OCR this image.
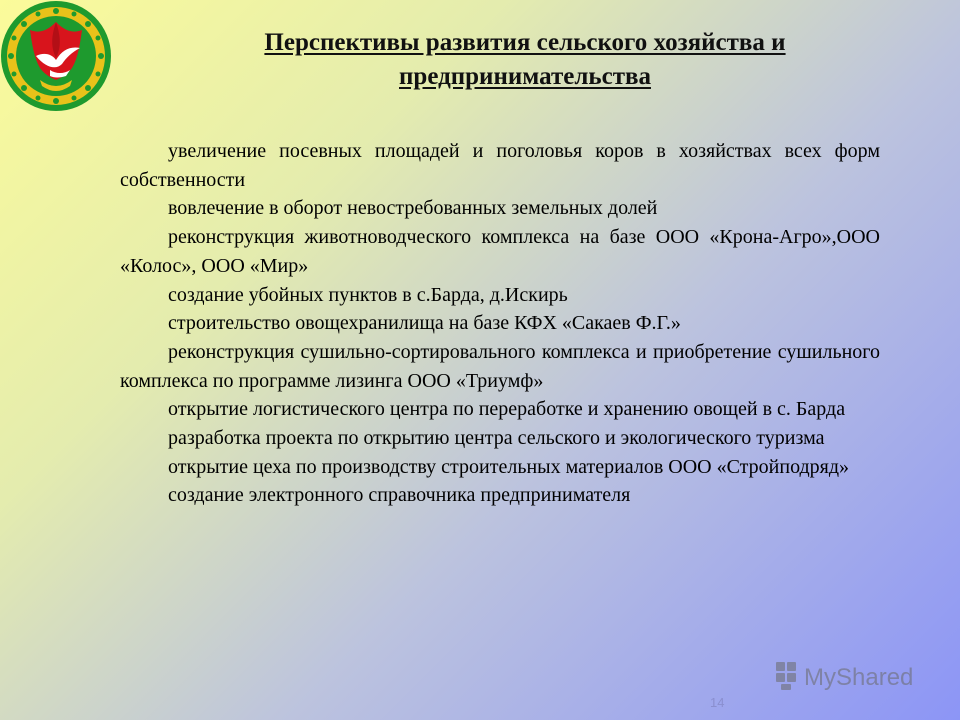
Перспективы развития сельского хозяйства и
предпринимательства

увеличение посевных площадей и поголовья коров в хозяйствах всех форм собственности

вовлечение в оборот невостребованных земельных долей

реконструкция животноводческого комплекса на базе ООО «Крона-Агро»,ООО «Колос», ООО «Мир»

создание убойных пунктов в с.Барда, д.Искирь

строительство овощехранилища на базе КФХ «Сакаев Ф.Г.»

реконструкция сушильно-сортировального комплекса и приобретение сушильного комплекса по программе лизинга ООО «Триумф»

открытие логистического центра по переработке и хранению овощей в с. Барда

разработка проекта по открытию центра сельского и экологического туризма

открытие цеха по производству строительных материалов ООО «Стройподряд»

создание электронного справочника предпринимателя

14
MyShared
